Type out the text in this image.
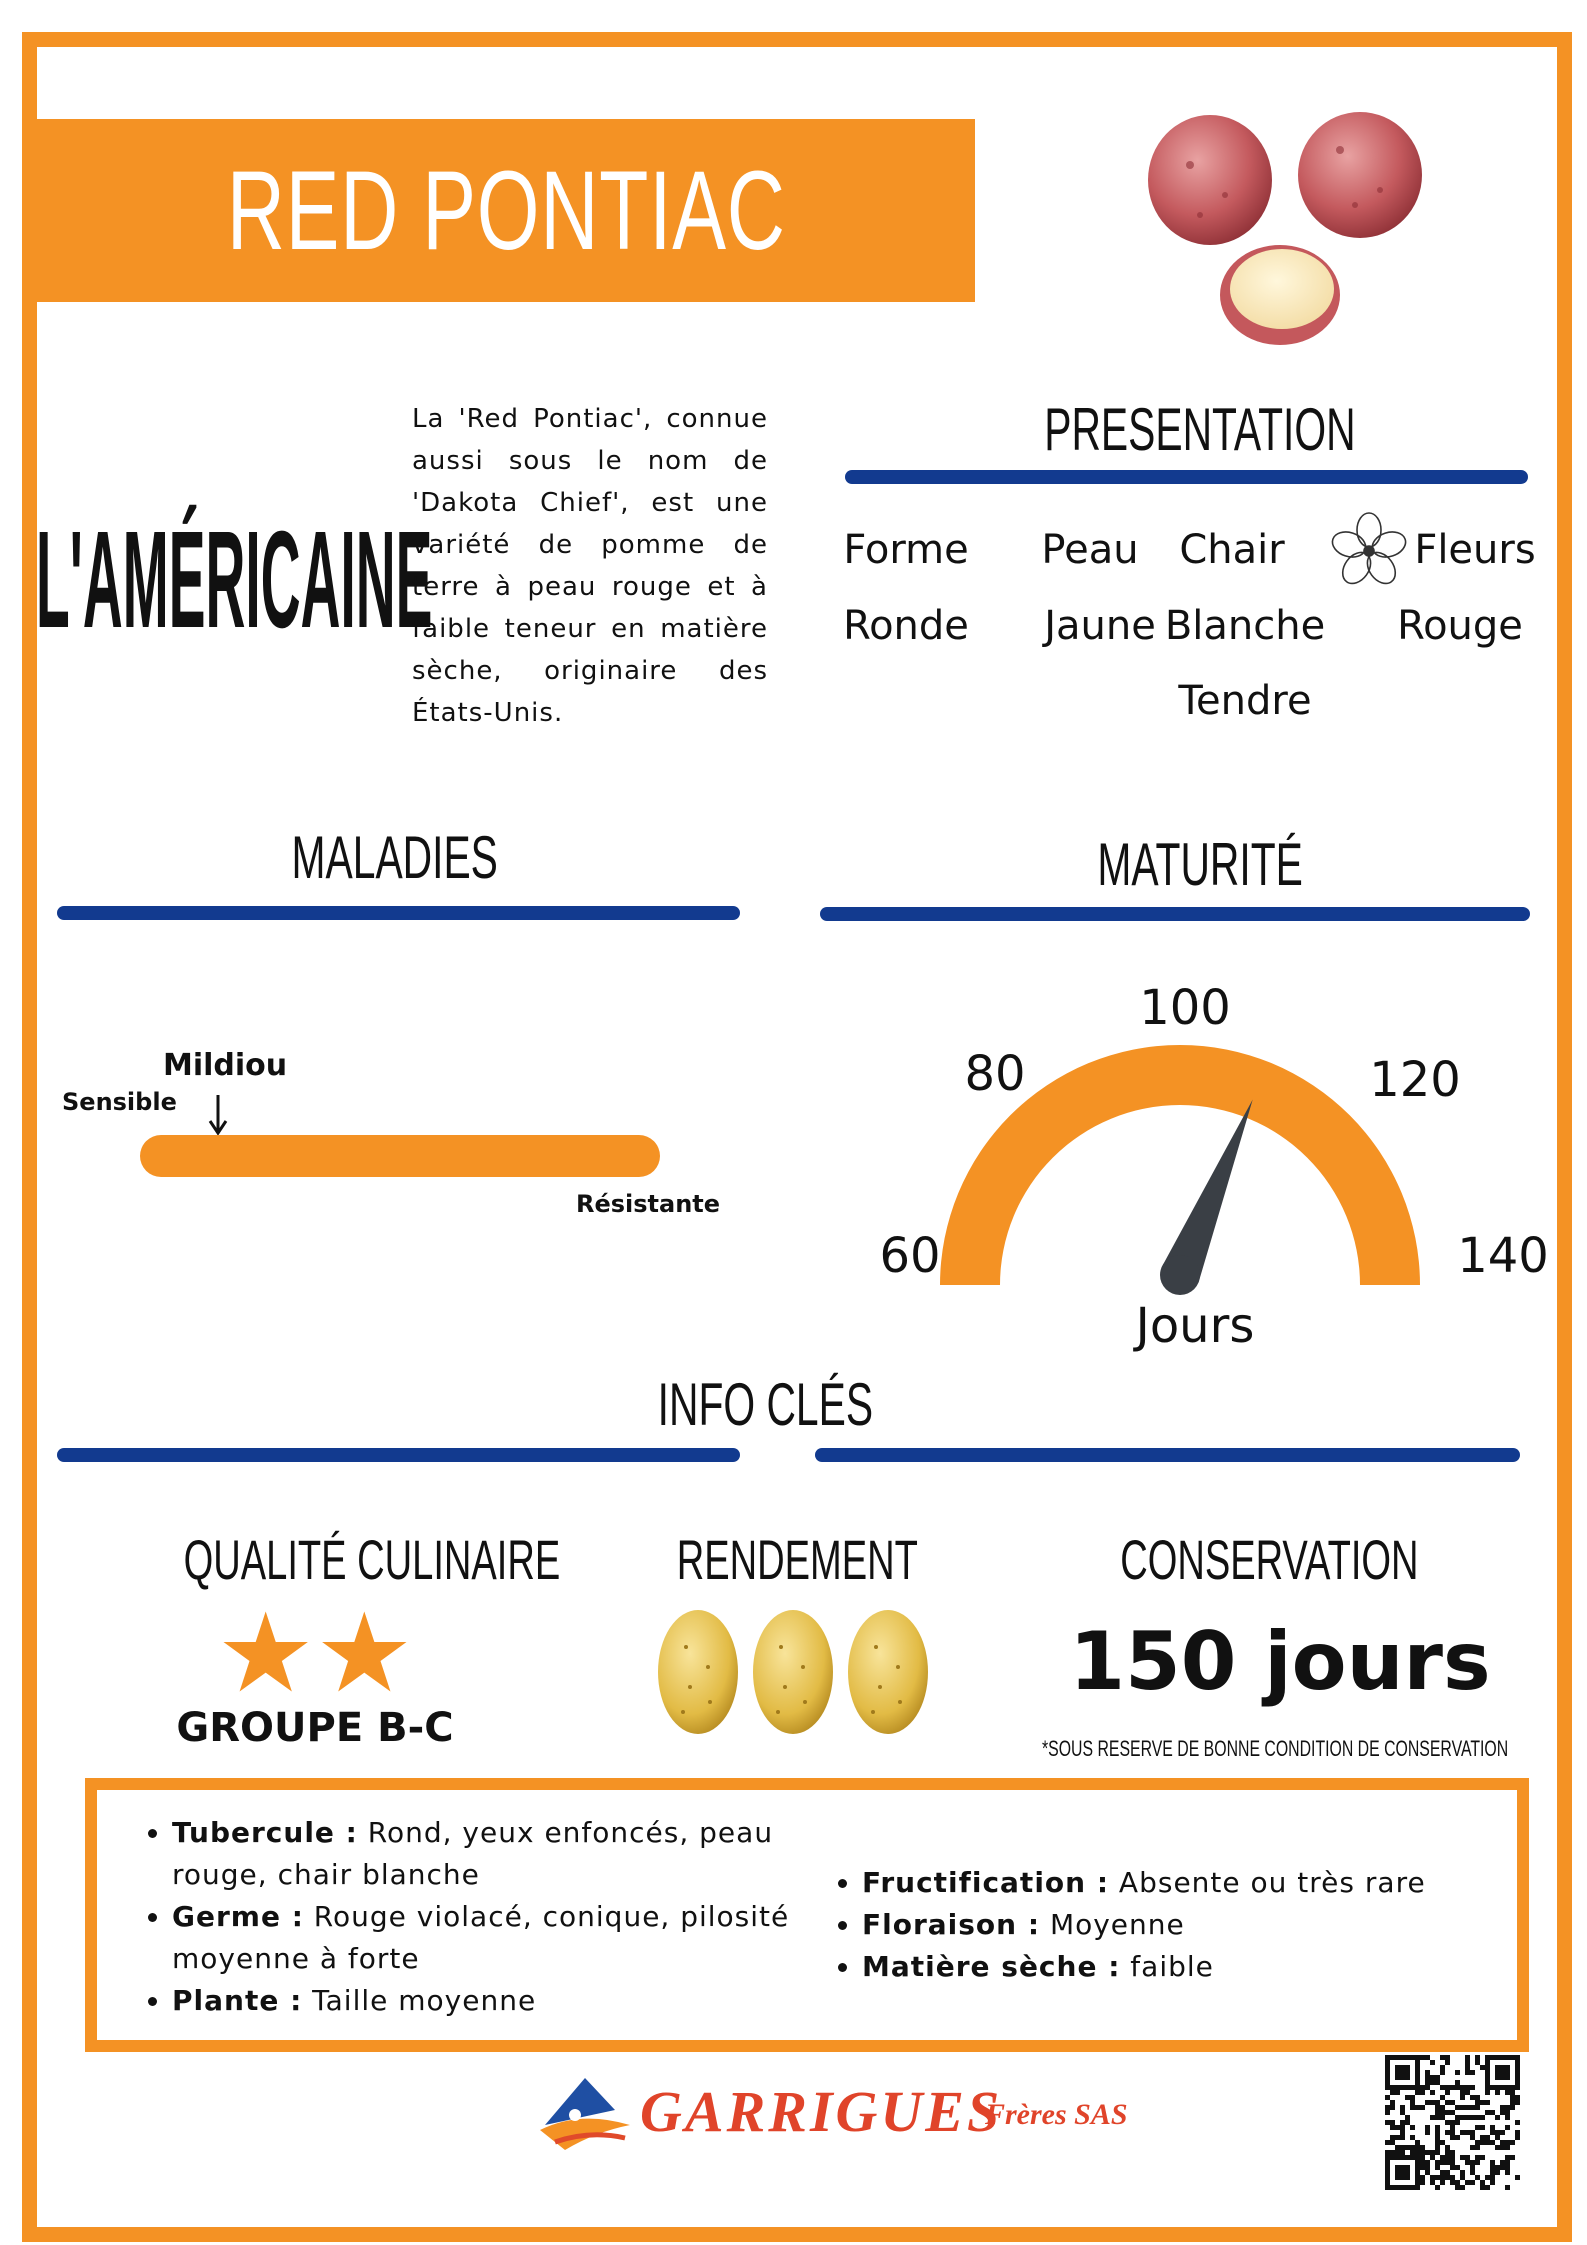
RED PONTIAC
L'AMÉRICAINE
La 'Red Pontiac', connue aussi sous le nom de 'Dakota Chief', est une variété de pomme de terre à peau rouge et à faible teneur en matière sèche, originaire des États-Unis.
PRESENTATION
Forme
Ronde
Peau
Jaune
Chair
Blanche
Tendre
Fleurs
Rouge
MALADIES
Mildiou
Sensible
Résistante
MATURITÉ
60
80
100
120
140
Jours
INFO CLÉS
QUALITÉ CULINAIRE
★★
GROUPE B-C
RENDEMENT	CONSERVATION
150 jours
*SOUS RESERVE DE BONNE CONDITION DE CONSERVATION
• Tubercule : Rond, yeux enfoncés, peau rouge, chair blanche
• Germe : Rouge violacé, conique, pilosité moyenne à forte
• Plante : Taille moyenne
• Fructification : Absente ou très rare
• Floraison : Moyenne
• Matière sèche : faible
GARRIGUES
Frères SAS
